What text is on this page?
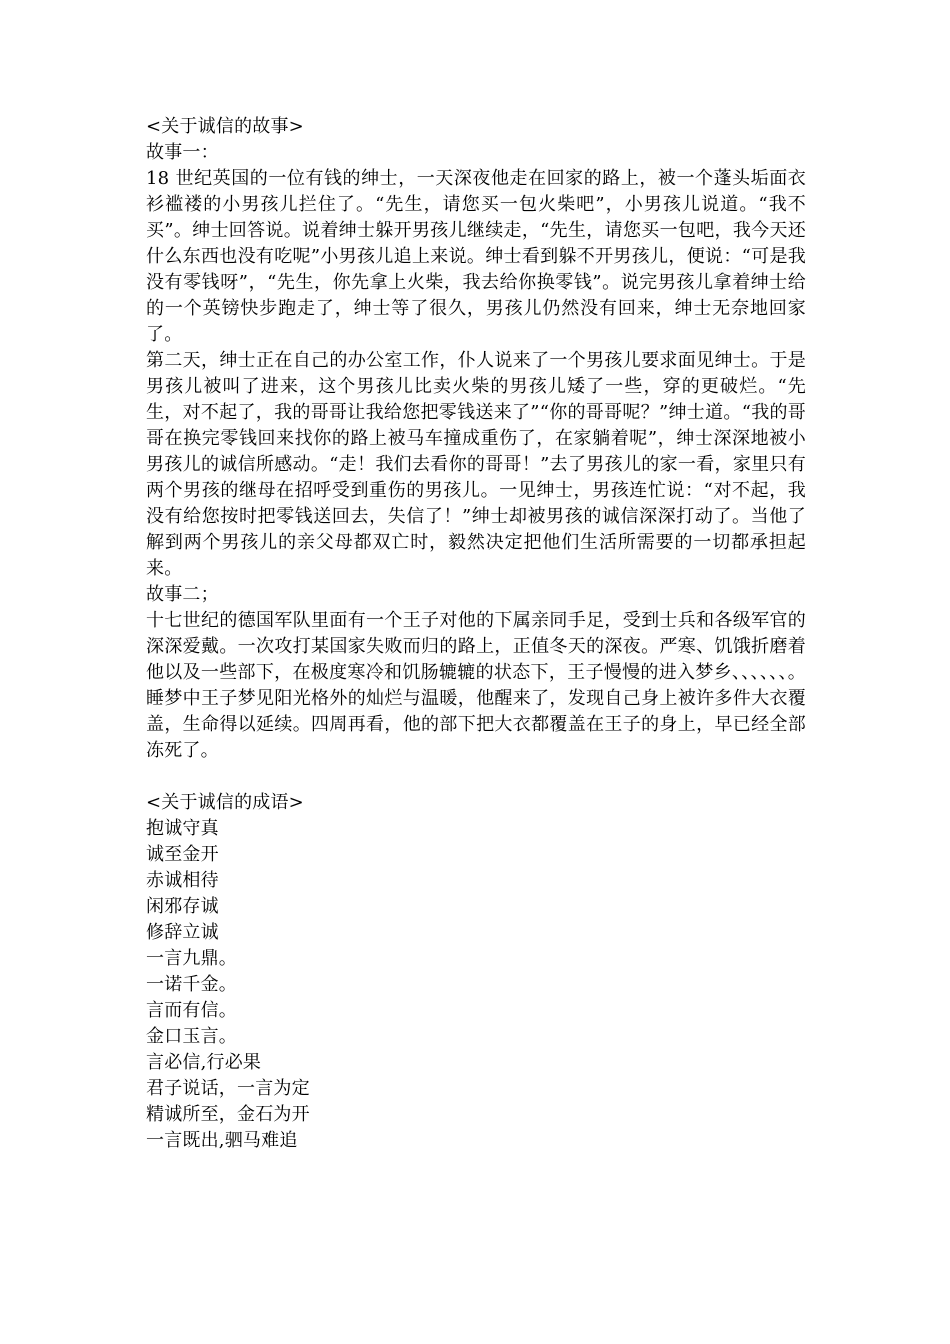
<关于诚信的故事>
故事一：
18 世纪英国的一位有钱的绅士，一天深夜他走在回家的路上，被一个蓬头垢面衣衫褴褛的小男孩儿拦住了。“先生，请您买一包火柴吧”，小男孩儿说道。“我不买”。绅士回答说。说着绅士躲开男孩儿继续走，“先生，请您买一包吧，我今天还什么东西也没有吃呢”小男孩儿追上来说。绅士看到躲不开男孩儿，便说：“可是我没有零钱呀”，“先生，你先拿上火柴，我去给你换零钱”。说完男孩儿拿着绅士给的一个英镑快步跑走了，绅士等了很久，男孩儿仍然没有回来，绅士无奈地回家了。
第二天，绅士正在自己的办公室工作，仆人说来了一个男孩儿要求面见绅士。于是男孩儿被叫了进来，这个男孩儿比卖火柴的男孩儿矮了一些，穿的更破烂。“先生，对不起了，我的哥哥让我给您把零钱送来了”“你的哥哥呢？”绅士道。“我的哥哥在换完零钱回来找你的路上被马车撞成重伤了，在家躺着呢”，绅士深深地被小男孩儿的诚信所感动。“走！我们去看你的哥哥！”去了男孩儿的家一看，家里只有两个男孩的继母在招呼受到重伤的男孩儿。一见绅士，男孩连忙说：“对不起，我没有给您按时把零钱送回去，失信了！”绅士却被男孩的诚信深深打动了。当他了解到两个男孩儿的亲父母都双亡时，毅然决定把他们生活所需要的一切都承担起来。
故事二；
十七世纪的德国军队里面有一个王子对他的下属亲同手足，受到士兵和各级军官的深深爱戴。一次攻打某国家失败而归的路上，正值冬天的深夜。严寒、饥饿折磨着他以及一些部下，在极度寒冷和饥肠辘辘的状态下，王子慢慢的进入梦乡、、、、、、。睡梦中王子梦见阳光格外的灿烂与温暖，他醒来了，发现自己身上被许多件大衣覆盖，生命得以延续。四周再看，他的部下把大衣都覆盖在王子的身上，早已经全部冻死了。
<关于诚信的成语>
抱诚守真
诚至金开
赤诚相待
闲邪存诚
修辞立诚
一言九鼎。
一诺千金。
言而有信。
金口玉言。
言必信,行必果
君子说话，一言为定
精诚所至，金石为开
一言既出,驷马难追
